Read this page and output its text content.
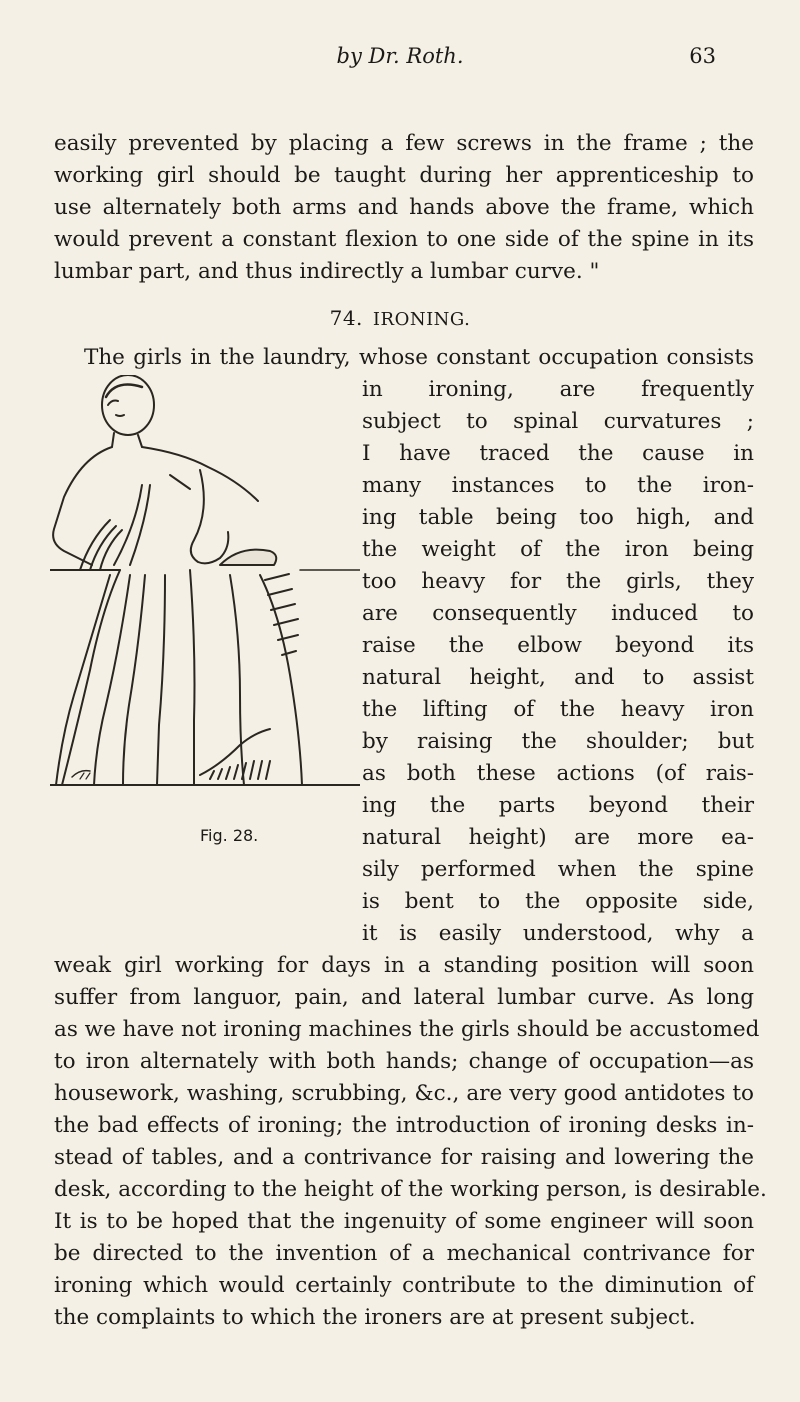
by Dr. Roth.	63
easily prevented by placing a few screws in the frame ; the
working girl should be taught during her apprenticeship to
use alternately both arms and hands above the frame, which
would prevent a constant flexion to one side of the spine in its
lumbar part, and thus indirectly a lumbar curve. "
74. IRONING.
The girls in the laundry, whose constant occupation consists
in ironing, are frequently
subject to spinal curvatures ;
I have traced the cause in
many instances to the iron-
ing table being too high, and
the weight of the iron being
too heavy for the girls, they
are consequently induced to
raise the elbow beyond its
natural height, and to assist
the lifting of the heavy iron
by raising the shoulder; but
as both these actions (of rais-
ing the parts beyond their
natural height) are more ea-
sily performed when the spine
is bent to the opposite side,
it is easily understood, why a
weak girl working for days in a standing position will soon
suffer from languor, pain, and lateral lumbar curve. As long
as we have not ironing machines the girls should be accustomed
to iron alternately with both hands; change of occupation—as
housework, washing, scrubbing, &c., are very good antidotes to
the bad effects of ironing; the introduction of ironing desks in-
stead of tables, and a contrivance for raising and lowering the
desk, according to the height of the working person, is desirable.
It is to be hoped that the ingenuity of some engineer will soon
be directed to the invention of a mechanical contrivance for
ironing which would certainly contribute to the diminution of
the complaints to which the ironers are at present subject.
Fig. 28.
